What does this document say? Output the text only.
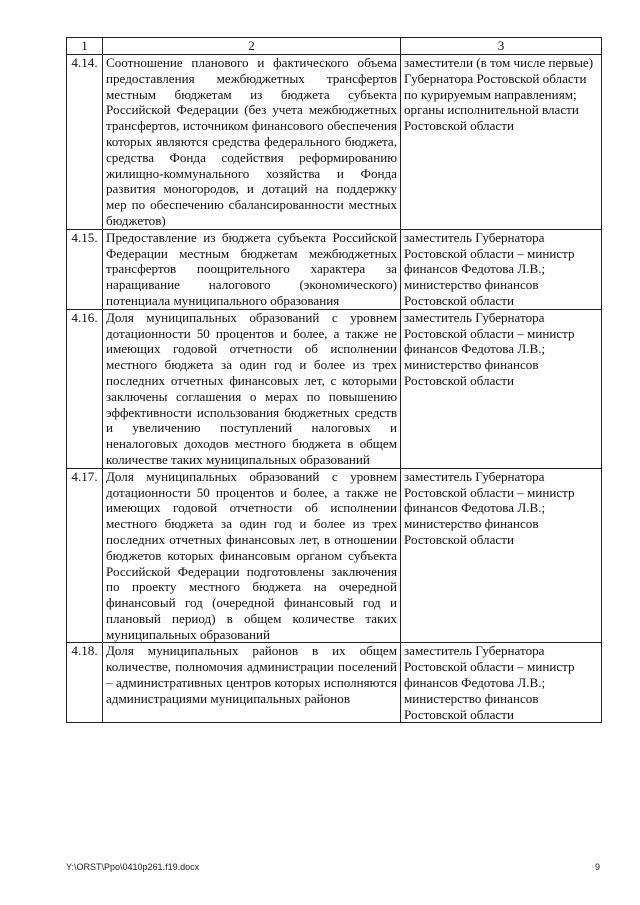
1	2	3
4.14.	Соотношение планового и фактического объема предоставления межбюджетных трансфертов местным бюджетам из бюджета субъекта Российской Федерации (без учета межбюджетных трансфертов, источником финансового обеспечения которых являются средства федерального бюджета, средства Фонда содействия реформированию жилищно-коммунального хозяйства и Фонда развития моногородов, и дотаций на поддержку мер по обеспечению сбалансированности местных бюджетов)	заместители (в том числе первые) Губернатора Ростовской области по курируемым направлениям; органы исполнительной власти Ростовской области
4.15.	Предоставление из бюджета субъекта Российской Федерации местным бюджетам межбюджетных трансфертов поощрительного характера за наращивание налогового (экономического) потенциала муниципального образования	заместитель Губернатора Ростовской области – министр финансов Федотова Л.В.; министерство финансов Ростовской области
4.16.	Доля муниципальных образований с уровнем дотационности 50 процентов и более, а также не имеющих годовой отчетности об исполнении местного бюджета за один год и более из трех последних отчетных финансовых лет, с которыми заключены соглашения о мерах по повышению эффективности использования бюджетных средств и увеличению поступлений налоговых и неналоговых доходов местного бюджета в общем количестве таких муниципальных образований	заместитель Губернатора Ростовской области – министр финансов Федотова Л.В.; министерство финансов Ростовской области
4.17.	Доля муниципальных образований с уровнем дотационности 50 процентов и более, а также не имеющих годовой отчетности об исполнении местного бюджета за один год и более из трех последних отчетных финансовых лет, в отношении бюджетов которых финансовым органом субъекта Российской Федерации подготовлены заключения по проекту местного бюджета на очередной финансовый год (очередной финансовый год и плановый период) в общем количестве таких муниципальных образований	заместитель Губернатора Ростовской области – министр финансов Федотова Л.В.; министерство финансов Ростовской области
4.18.	Доля муниципальных районов в их общем количестве, полномочия администрации поселений – административных центров которых исполняются администрациями муниципальных районов	заместитель Губернатора Ростовской области – министр финансов Федотова Л.В.; министерство финансов Ростовской области
Y:\ORST\Ppo\0410p261.f19.docx	9
